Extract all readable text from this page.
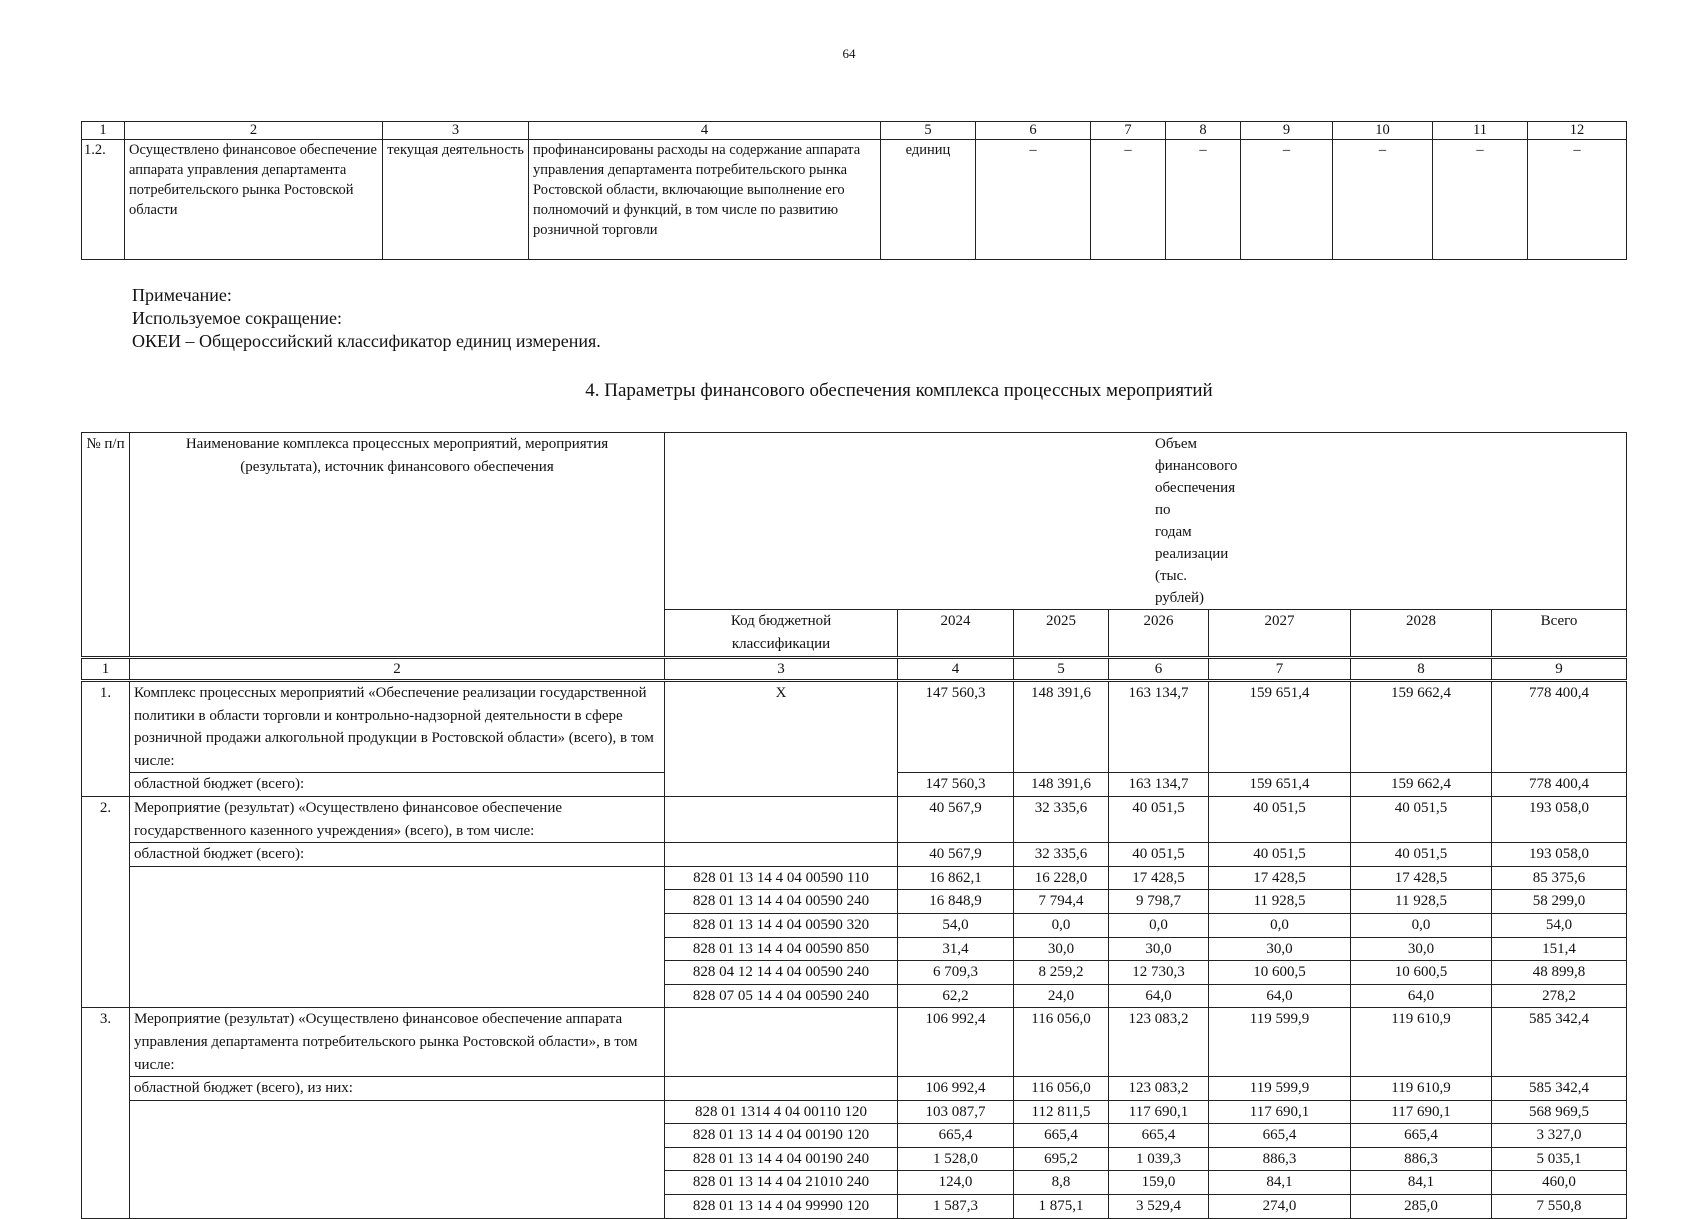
64
1	2	3	4	5	6	7	8	9	10	11	12
1.2.	Осуществлено финансовое обеспечение аппарата управления департамента потребительского рынка Ростовской области	текущая деятельность	профинансированы расходы на содержание аппарата управления департамента потребительского рынка Ростовской области, включающие выполнение его полномочий и функций, в том числе по развитию розничной торговли	единиц	–	–	–	–	–	–	–
Примечание:
Используемое сокращение:
ОКЕИ – Общероссийский классификатор единиц измерения.
4. Параметры финансового обеспечения комплекса процессных мероприятий
№ п/п	Наименование комплекса процессных мероприятий, мероприятия (результата), источник финансового обеспечения	Объем финансового обеспечения по годам реализации (тыс. рублей)						
		Код бюджетной классификации	2024	2025	2026	2027	2028	Всего
1	2	3	4	5	6	7	8	9
1.	Комплекс процессных мероприятий «Обеспечение реализации государственной политики в области торговли и контрольно-надзорной деятельности в сфере розничной продажи алкогольной продукции в Ростовской области» (всего), в том числе:	Х	147 560,3	148 391,6	163 134,7	159 651,4	159 662,4	778 400,4
	областной бюджет (всего):		147 560,3	148 391,6	163 134,7	159 651,4	159 662,4	778 400,4
2.	Мероприятие (результат) «Осуществлено финансовое обеспечение государственного казенного учреждения» (всего), в том числе:		40 567,9	32 335,6	40 051,5	40 051,5	40 051,5	193 058,0
	областной бюджет (всего):		40 567,9	32 335,6	40 051,5	40 051,5	40 051,5	193 058,0
		828 01 13 14 4 04 00590 110	16 862,1	16 228,0	17 428,5	17 428,5	17 428,5	85 375,6
		828 01 13 14 4 04 00590 240	16 848,9	7 794,4	9 798,7	11 928,5	11 928,5	58 299,0
		828 01 13 14 4 04 00590 320	54,0	0,0	0,0	0,0	0,0	54,0
		828 01 13 14 4 04 00590 850	31,4	30,0	30,0	30,0	30,0	151,4
		828 04 12 14 4 04 00590 240	6 709,3	8 259,2	12 730,3	10 600,5	10 600,5	48 899,8
		828 07 05 14 4 04 00590 240	62,2	24,0	64,0	64,0	64,0	278,2
3.	Мероприятие (результат) «Осуществлено финансовое обеспечение аппарата управления департамента потребительского рынка Ростовской области», в том числе:		106 992,4	116 056,0	123 083,2	119 599,9	119 610,9	585 342,4
	областной бюджет (всего), из них:		106 992,4	116 056,0	123 083,2	119 599,9	119 610,9	585 342,4
		828 01 1314 4 04 00110 120	103 087,7	112 811,5	117 690,1	117 690,1	117 690,1	568 969,5
		828 01 13 14 4 04 00190 120	665,4	665,4	665,4	665,4	665,4	3 327,0
		828 01 13 14 4 04 00190 240	1 528,0	695,2	1 039,3	886,3	886,3	5 035,1
		828 01 13 14 4 04 21010 240	124,0	8,8	159,0	84,1	84,1	460,0
		828 01 13 14 4 04 99990 120	1 587,3	1 875,1	3 529,4	274,0	285,0	7 550,8
